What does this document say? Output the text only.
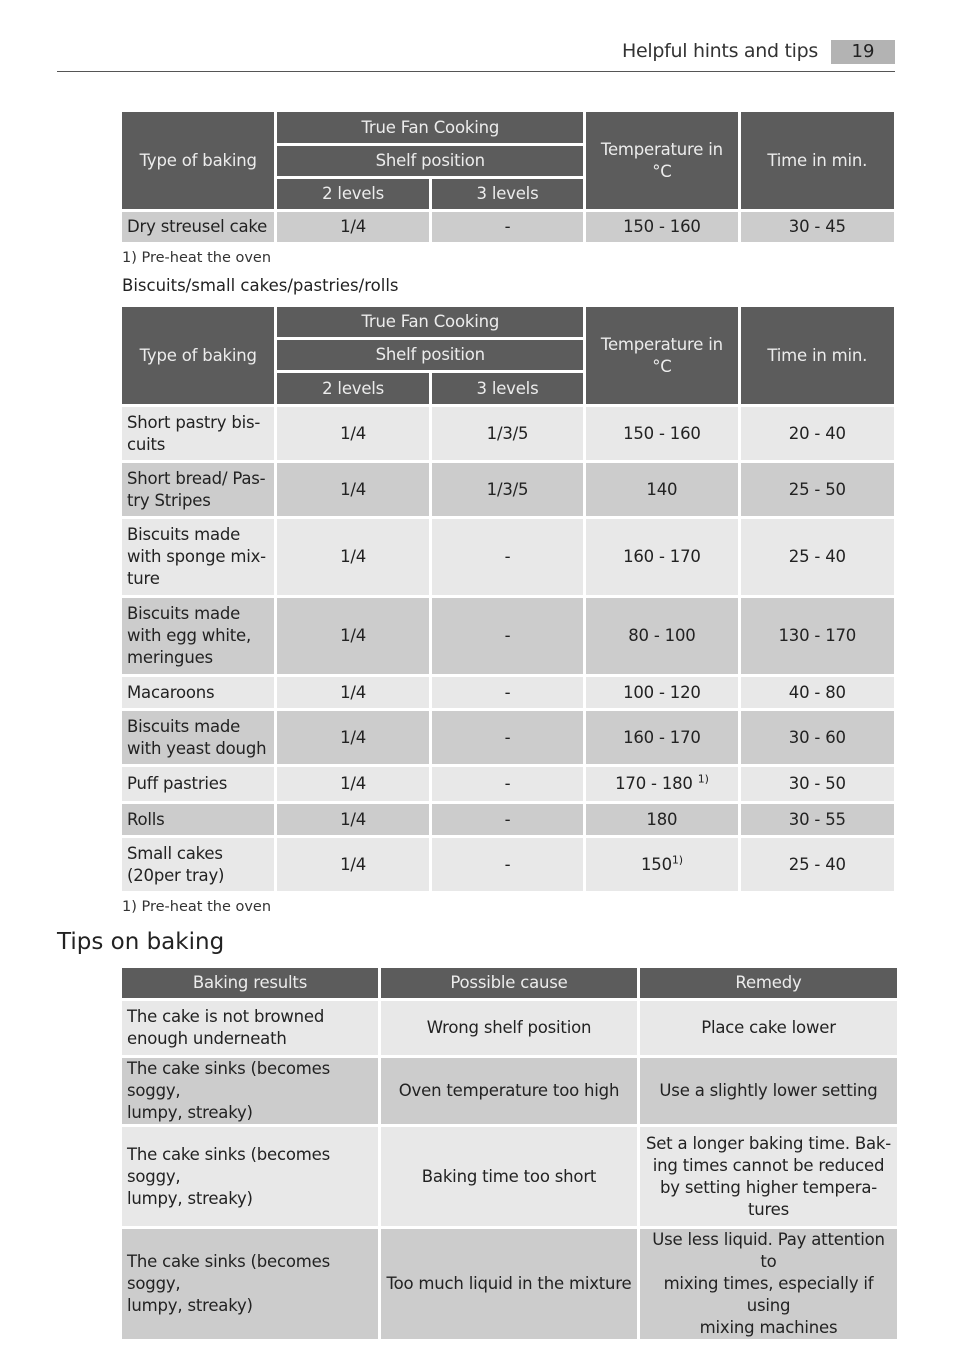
Helpful hints and tips	19
Type of baking	True Fan Cooking		Temperature in °C	Time in min.
	Shelf position			
	2 levels	3 levels		
Dry streusel cake	1/4	-	150 - 160	30 - 45
1) Pre-heat the oven
Biscuits/small cakes/pastries/rolls
Type of baking	True Fan Cooking		Temperature in °C	Time in min.
	Shelf position			
	2 levels	3 levels		
Short pastry bis-
cuits	1/4	1/3/5	150 - 160	20 - 40
Short bread/ Pas-
try Stripes	1/4	1/3/5	140	25 - 50
Biscuits made
with sponge mix-
ture	1/4	-	160 - 170	25 - 40
Biscuits made
with egg white,
meringues	1/4	-	80 - 100	130 - 170
Macaroons	1/4	-	100 - 120	40 - 80
Biscuits made
with yeast dough	1/4	-	160 - 170	30 - 60
Puff pastries	1/4	-	170 - 180 $^{1)}$	30 - 50
Rolls	1/4	-	180	30 - 55
Small cakes
(20per tray)	1/4	-	150$^{1)}$	25 - 40
1) Pre-heat the oven
Tips on baking
Baking results	Possible cause	Remedy
The cake is not browned
enough underneath	Wrong shelf position	Place cake lower
The cake sinks (becomes soggy,
lumpy, streaky)	Oven temperature too high	Use a slightly lower setting
The cake sinks (becomes soggy,
lumpy, streaky)	Baking time too short	Set a longer baking time. Bak-
ing times cannot be reduced
by setting higher tempera-
tures
The cake sinks (becomes soggy,
lumpy, streaky)	Too much liquid in the mixture	Use less liquid. Pay attention to
mixing times, especially if using
mixing machines
